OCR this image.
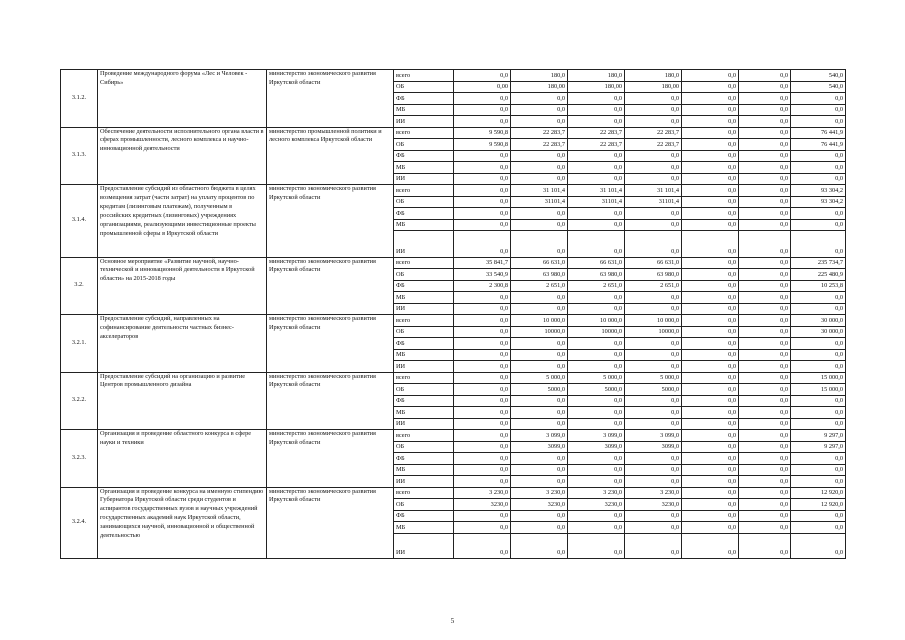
3.1.2.	Проведение международного форума «Лес и Человек - Сибирь»	министерство экономического развития Иркутской области	всего	0,0	180,0	180,0	180,0	0,0	0,0	540,0
			ОБ	0,00	180,00	180,00	180,00	0,0	0,0	540,0
			ФБ	0,0	0,0	0,0	0,0	0,0	0,0	0,0
			МБ	0,0	0,0	0,0	0,0	0,0	0,0	0,0
			ИИ	0,0	0,0	0,0	0,0	0,0	0,0	0,0
3.1.3.	Обеспечение деятельности исполнительного органа власти в сферах промышленности, лесного комплекса и научно-инновационной деятельности	министерство промышленной политики и лесного комплекса Иркутской области	всего	9 590,8	22 283,7	22 283,7	22 283,7	0,0	0,0	76 441,9
			ОБ	9 590,8	22 283,7	22 283,7	22 283,7	0,0	0,0	76 441,9
			ФБ	0,0	0,0	0,0	0,0	0,0	0,0	0,0
			МБ	0,0	0,0	0,0	0,0	0,0	0,0	0,0
			ИИ	0,0	0,0	0,0	0,0	0,0	0,0	0,0
3.1.4.	Предоставление субсидий из областного бюджета в целях возмещения затрат (части затрат) на уплату процентов по кредитам (лизинговым платежам), полученным в российских кредитных (лизинговых) учреждениях организациями, реализующими инвестиционные проекты промышленной сферы в Иркутской области	министерство экономического развития Иркутской области	всего	0,0	31 101,4	31 101,4	31 101,4	0,0	0,0	93 304,2
			ОБ	0,0	31101,4	31101,4	31101,4	0,0	0,0	93 304,2
			ФБ	0,0	0,0	0,0	0,0	0,0	0,0	0,0
			МБ	0,0	0,0	0,0	0,0	0,0	0,0	0,0
			ИИ	0,0	0,0	0,0	0,0	0,0	0,0	0,0
3.2.	Основное мероприятие «Развитие научной, научно-технической и инновационной деятельности в Иркутской области» на 2015-2018 годы	министерство экономического развития Иркутской области	всего	35 841,7	66 631,0	66 631,0	66 631,0	0,0	0,0	235 734,7
			ОБ	33 540,9	63 980,0	63 980,0	63 980,0	0,0	0,0	225 480,9
			ФБ	2 300,8	2 651,0	2 651,0	2 651,0	0,0	0,0	10 253,8
			МБ	0,0	0,0	0,0	0,0	0,0	0,0	0,0
			ИИ	0,0	0,0	0,0	0,0	0,0	0,0	0,0
3.2.1.	Предоставление субсидий, направленных на софинансирование деятельности частных бизнес-акселераторов	министерство экономического развития Иркутской области	всего	0,0	10 000,0	10 000,0	10 000,0	0,0	0,0	30 000,0
			ОБ	0,0	10000,0	10000,0	10000,0	0,0	0,0	30 000,0
			ФБ	0,0	0,0	0,0	0,0	0,0	0,0	0,0
			МБ	0,0	0,0	0,0	0,0	0,0	0,0	0,0
			ИИ	0,0	0,0	0,0	0,0	0,0	0,0	0,0
3.2.2.	Предоставление субсидий на организацию и развитие Центров промышленного дизайна	министерство экономического развития Иркутской области	всего	0,0	5 000,0	5 000,0	5 000,0	0,0	0,0	15 000,0
			ОБ	0,0	5000,0	5000,0	5000,0	0,0	0,0	15 000,0
			ФБ	0,0	0,0	0,0	0,0	0,0	0,0	0,0
			МБ	0,0	0,0	0,0	0,0	0,0	0,0	0,0
			ИИ	0,0	0,0	0,0	0,0	0,0	0,0	0,0
3.2.3.	Организация и проведение областного конкурса в сфере науки и техники	министерство экономического развития Иркутской области	всего	0,0	3 099,0	3 099,0	3 099,0	0,0	0,0	9 297,0
			ОБ	0,0	3099,0	3099,0	3099,0	0,0	0,0	9 297,0
			ФБ	0,0	0,0	0,0	0,0	0,0	0,0	0,0
			МБ	0,0	0,0	0,0	0,0	0,0	0,0	0,0
			ИИ	0,0	0,0	0,0	0,0	0,0	0,0	0,0
3.2.4.	Организация и проведение конкурса на именную стипендию Губернатора Иркутской области среди студентов и аспирантов государственных вузов и научных учреждений государственных академий наук Иркутской области, занимающихся научной, инновационной и общественной деятельностью	министерство экономического развития Иркутской области	всего	3 230,0	3 230,0	3 230,0	3 230,0	0,0	0,0	12 920,0
			ОБ	3230,0	3230,0	3230,0	3230,0	0,0	0,0	12 920,0
			ФБ	0,0	0,0	0,0	0,0	0,0	0,0	0,0
			МБ	0,0	0,0	0,0	0,0	0,0	0,0	0,0
			ИИ	0,0	0,0	0,0	0,0	0,0	0,0	0,0
5
